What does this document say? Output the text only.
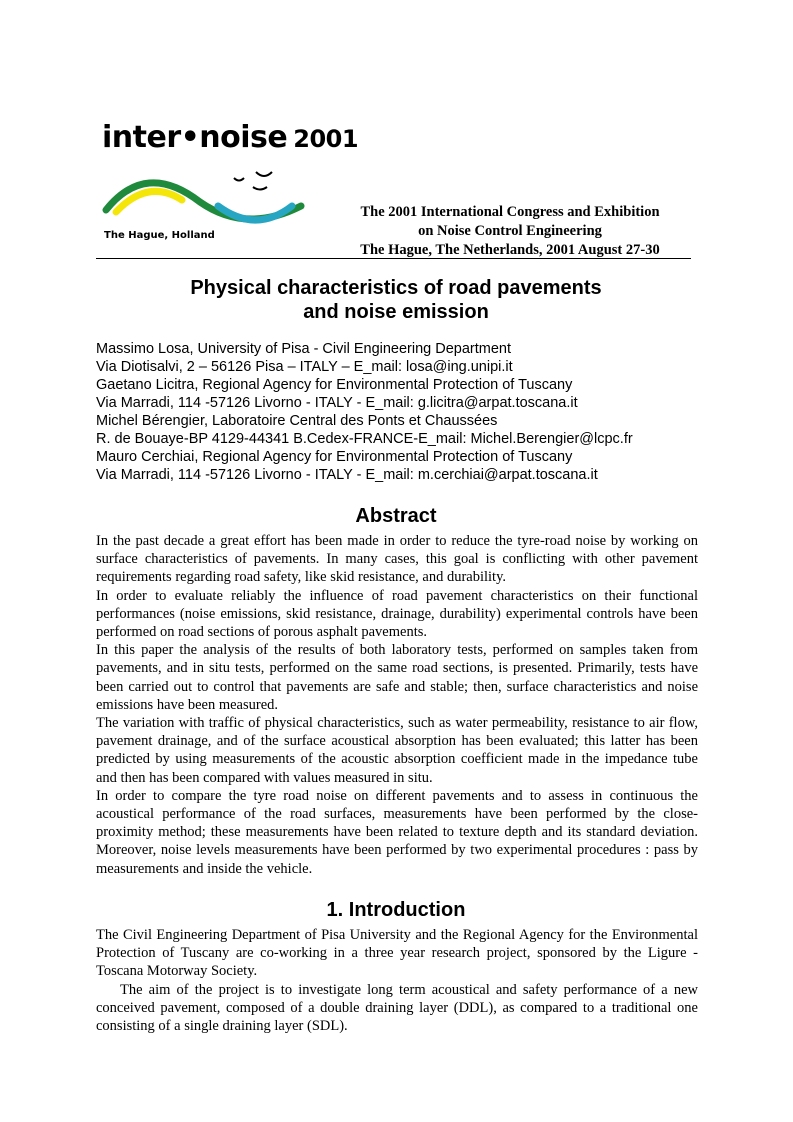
inter•noise 2001
The Hague, Holland
The 2001 International Congress and Exhibition
on Noise Control Engineering
The Hague, The Netherlands, 2001 August 27-30
Physical characteristics of road pavements
and noise emission
Massimo Losa, University of Pisa - Civil Engineering Department
Via Diotisalvi, 2 – 56126 Pisa – ITALY – E_mail: losa@ing.unipi.it
Gaetano Licitra, Regional Agency for Environmental Protection of Tuscany
Via Marradi, 114 -57126 Livorno - ITALY - E_mail: g.licitra@arpat.toscana.it
Michel Bérengier, Laboratoire Central des Ponts et Chaussées
R. de Bouaye-BP 4129-44341 B.Cedex-FRANCE-E_mail: Michel.Berengier@lcpc.fr
Mauro Cerchiai, Regional Agency for Environmental Protection of Tuscany
Via Marradi, 114 -57126 Livorno - ITALY - E_mail: m.cerchiai@arpat.toscana.it
Abstract

In the past decade a great effort has been made in order to reduce the tyre-road noise by working on surface characteristics of pavements. In many cases, this goal is conflicting with other pavement requirements regarding road safety, like skid resistance, and durability.

In order to evaluate reliably the influence of road pavement characteristics on their functional performances (noise emissions, skid resistance, drainage, durability) experimental controls have been performed on road sections of porous asphalt pavements.

In this paper the analysis of the results of both laboratory tests, performed on samples taken from pavements, and in situ tests, performed on the same road sections, is presented. Primarily, tests have been carried out to control that pavements are safe and stable; then, surface characteristics and noise emissions have been measured.

The variation with traffic of physical characteristics, such as water permeability, resistance to air flow, pavement drainage, and of the surface acoustical absorption has been evaluated; this latter has been predicted by using measurements of the acoustic absorption coefficient made in the impedance tube and then has been compared with values measured in situ.

In order to compare the tyre road noise on different pavements and to assess in continuous the acoustical performance of the road surfaces, measurements have been performed by the close-proximity method; these measurements have been related to texture depth and its standard deviation. Moreover, noise levels measurements have been performed by two experimental procedures : pass by measurements and inside the vehicle.

1. Introduction

The Civil Engineering Department of Pisa University and the Regional Agency for the Environmental Protection of Tuscany are co-working in a three year research project, sponsored by the Ligure - Toscana Motorway Society.

The aim of the project is to investigate long term acoustical and safety performance of a new conceived pavement, composed of a double draining layer (DDL), as compared to a traditional one consisting of a single draining layer (SDL).
